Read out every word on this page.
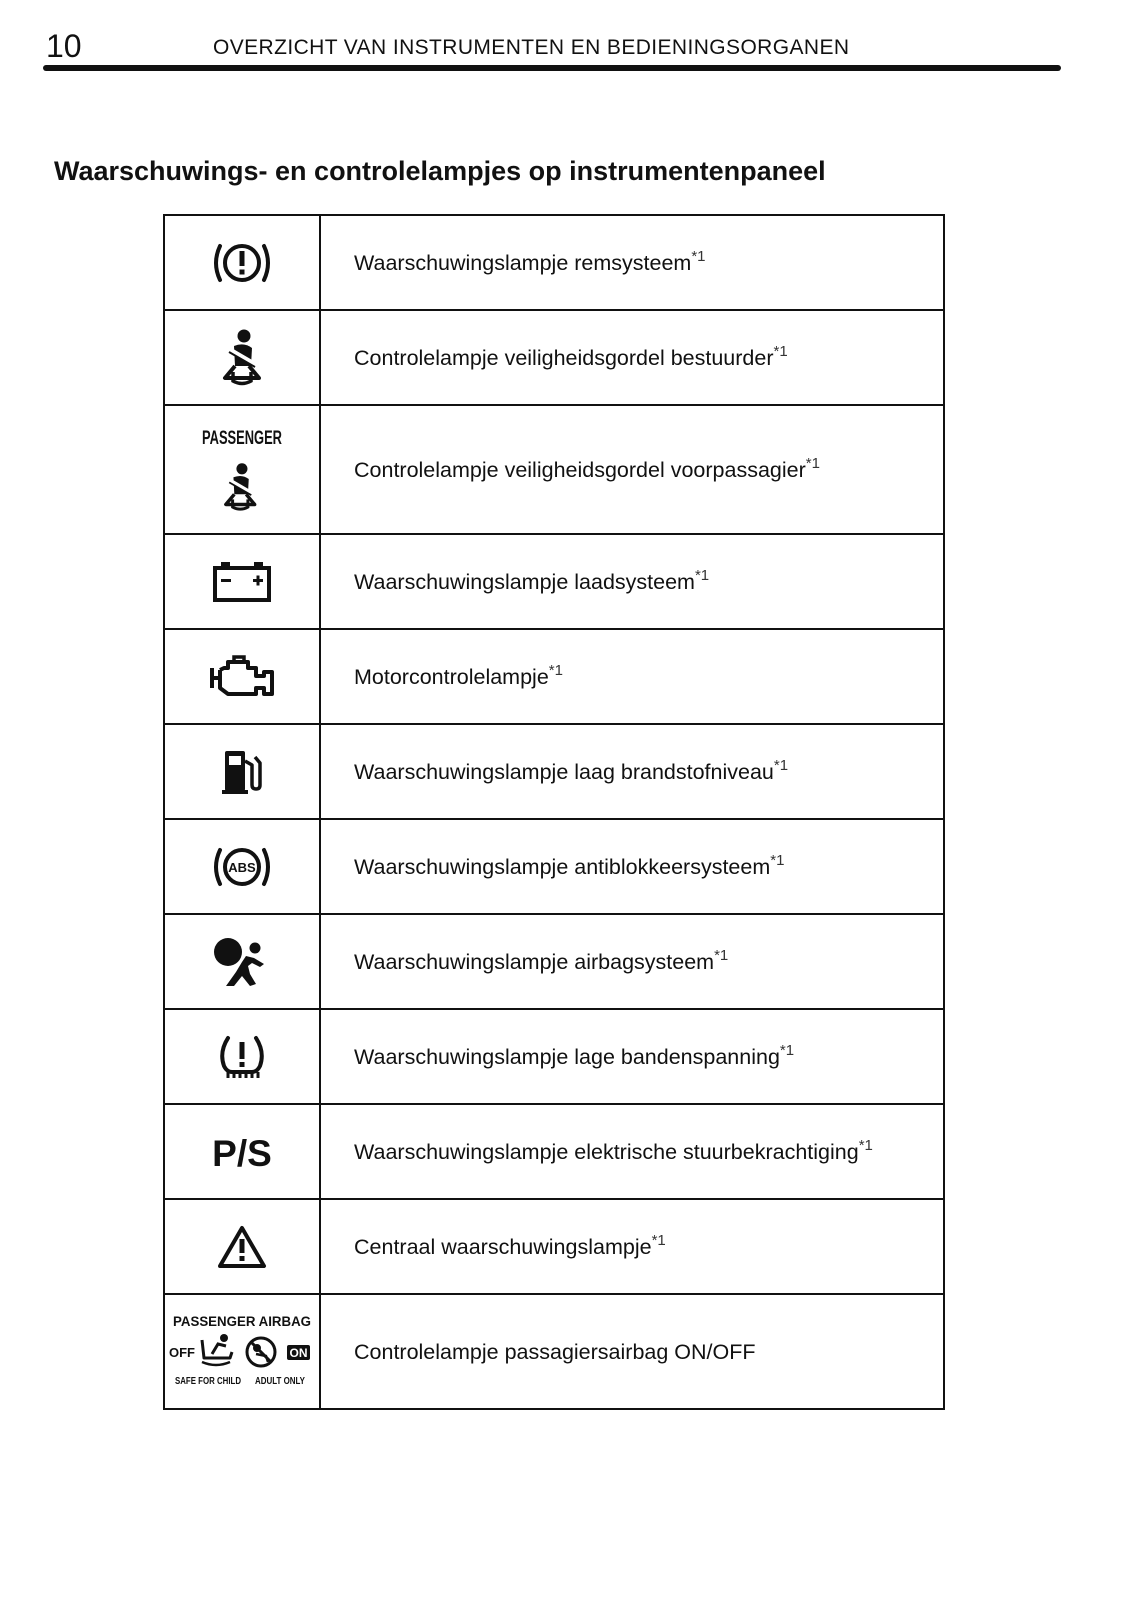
10	OVERZICHT VAN INSTRUMENTEN EN BEDIENINGSORGANEN
Waarschuwings- en controlelampjes op instrumentenpaneel
	Waarschuwingslampje remsysteem$^{*1}$
	Controlelampje veiligheidsgordel bestuurder$^{*1}$

PASSENGER	Controlelampje veiligheidsgordel voorpassagier$^{*1}$
	Waarschuwingslampje laadsysteem$^{*1}$
	Motorcontrolelampje$^{*1}$
	Waarschuwingslampje laag brandstofniveau$^{*1}$

ABS	Waarschuwingslampje antiblokkeersysteem$^{*1}$
	Waarschuwingslampje airbagsysteem$^{*1}$
	Waarschuwingslampje lage bandenspanning$^{*1}$

P/S	Waarschuwingslampje elektrische stuurbekrachtiging$^{*1}$
	Centraal waarschuwingslampje$^{*1}$

PASSENGER AIRBAG
OFF ON
SAFE FOR CHILD ADULT ONLY	Controlelampje passagiersairbag ON/OFF
